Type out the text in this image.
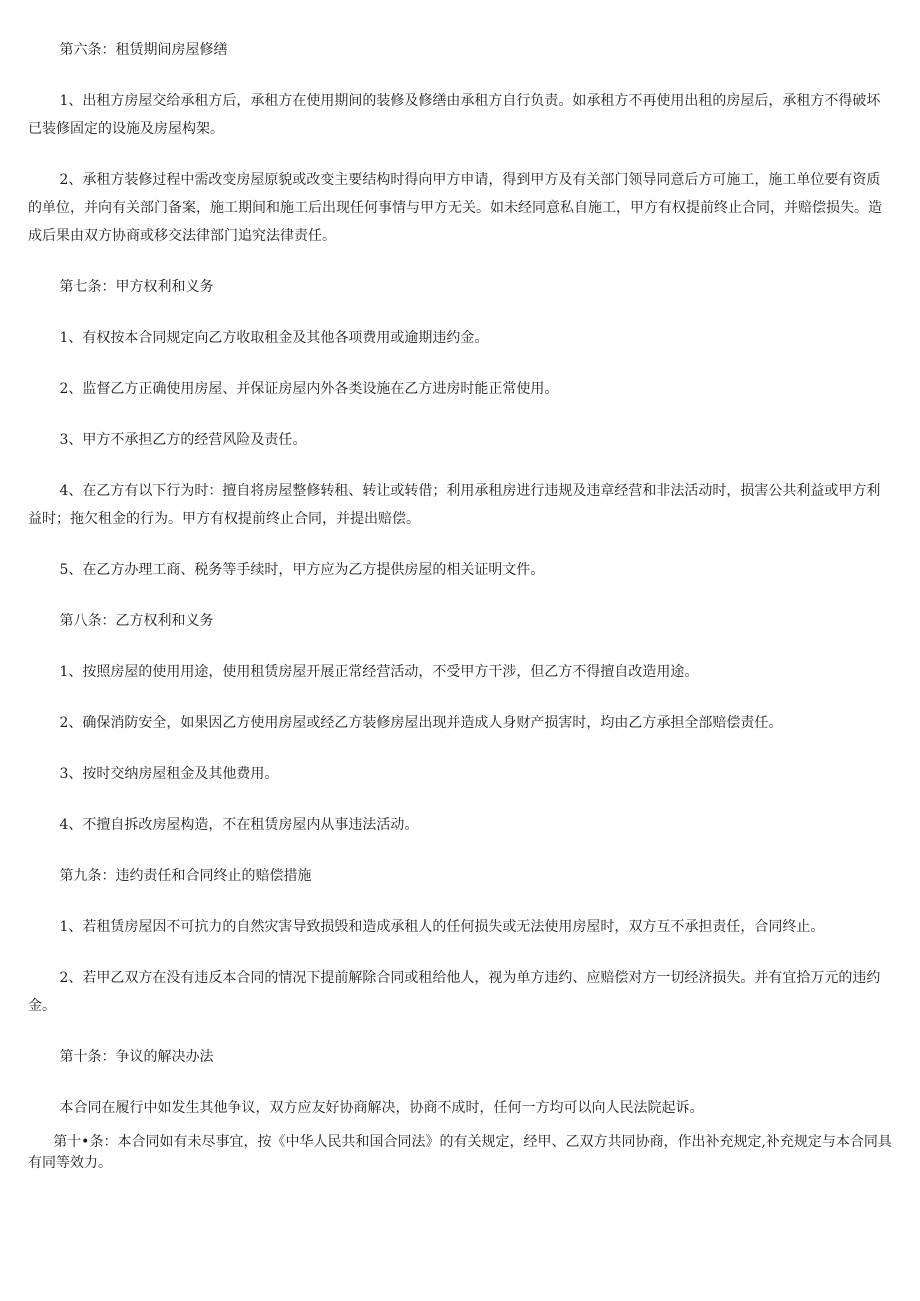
第六条：租赁期间房屋修缮

1、出租方房屋交给承租方后，承租方在使用期间的装修及修缮由承租方自行负责。如承租方不再使用出租的房屋后，承租方不得破坏已装修固定的设施及房屋构架。

2、承租方装修过程中需改变房屋原貌或改变主要结构时得向甲方申请，得到甲方及有关部门领导同意后方可施工，施工单位要有资质的单位，并向有关部门备案，施工期间和施工后出现任何事情与甲方无关。如未经同意私自施工，甲方有权提前终止合同，并赔偿损失。造成后果由双方协商或移交法律部门追究法律责任。

第七条：甲方权利和义务

1、有权按本合同规定向乙方收取租金及其他各项费用或逾期违约金。

2、监督乙方正确使用房屋、并保证房屋内外各类设施在乙方进房时能正常使用。

3、甲方不承担乙方的经营风险及责任。

4、在乙方有以下行为时：擅自将房屋整修转租、转让或转借；利用承租房进行违规及违章经营和非法活动时，损害公共利益或甲方利益时；拖欠租金的行为。甲方有权提前终止合同，并提出赔偿。

5、在乙方办理工商、税务等手续时，甲方应为乙方提供房屋的相关证明文件。

第八条：乙方权利和义务

1、按照房屋的使用用途，使用租赁房屋开展正常经营活动，不受甲方干涉，但乙方不得擅自改造用途。

2、确保消防安全，如果因乙方使用房屋或经乙方装修房屋出现并造成人身财产损害时，均由乙方承担全部赔偿责任。

3、按时交纳房屋租金及其他费用。

4、不擅自拆改房屋构造，不在租赁房屋内从事违法活动。

第九条：违约责任和合同终止的赔偿措施

1、若租赁房屋因不可抗力的自然灾害导致损毁和造成承租人的任何损失或无法使用房屋时，双方互不承担责任，合同终止。

2、若甲乙双方在没有违反本合同的情况下提前解除合同或租给他人，视为单方违约、应赔偿对方一切经济损失。并有宜拾万元的违约金。

第十条：争议的解决办法

本合同在履行中如发生其他争议，双方应友好协商解决，协商不成时，任何一方均可以向人民法院起诉。

第十•条：本合同如有未尽事宜，按《中华人民共和国合同法》的有关规定，经甲、乙双方共同协商，作出补充规定,补充规定与本合同具有同等效力。
